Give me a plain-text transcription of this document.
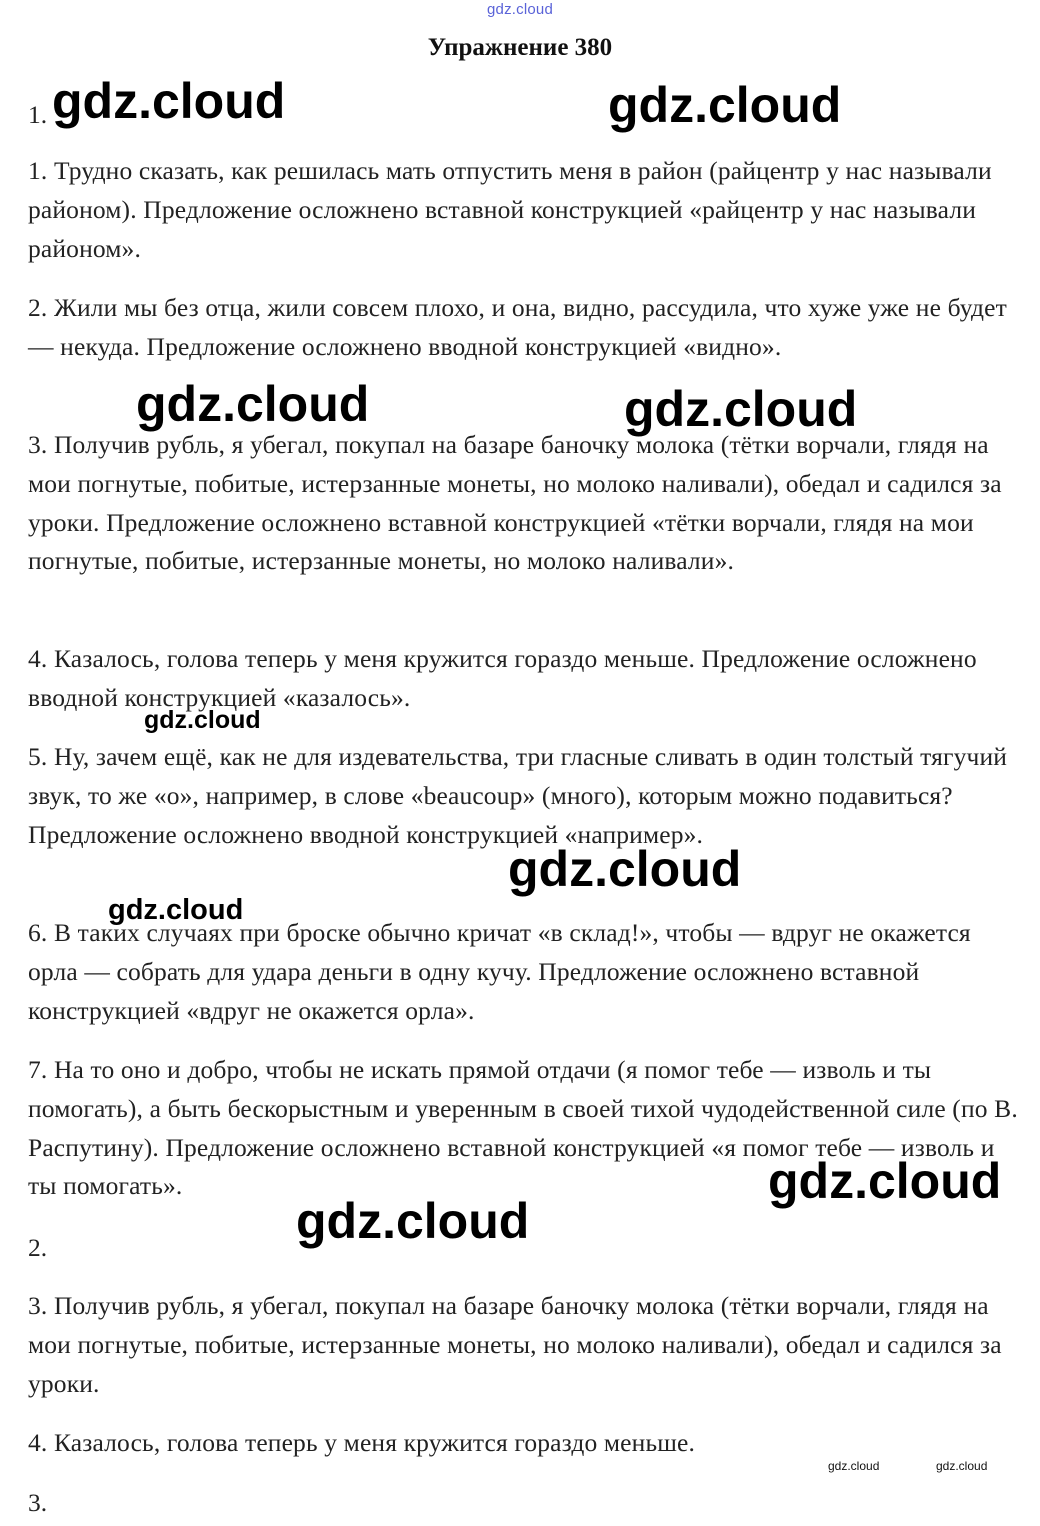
gdz.cloud
Упражнение 380
1.

1. Трудно сказать, как решилась мать отпустить меня в район (райцентр у нас называли районом). Предложение осложнено вставной конструкцией «райцентр у нас называли районом».

2. Жили мы без отца, жили совсем плохо, и она, видно, рассудила, что хуже уже не будет — некуда. Предложение осложнено вводной конструкцией «видно».

3. Получив рубль, я убегал, покупал на базаре баночку молока (тётки ворчали, глядя на мои погнутые, побитые, истерзанные монеты, но молоко наливали), обедал и садился за уроки. Предложение осложнено вставной конструкцией «тётки ворчали, глядя на мои погнутые, побитые, истерзанные монеты, но молоко наливали».

4. Казалось, голова теперь у меня кружится гораздо меньше. Предложение осложнено вводной конструкцией «казалось».

5. Ну, зачем ещё, как не для издевательства, три гласные сливать в один толстый тягучий звук, то же «о», например, в слове «beaucoup» (много), которым можно подавиться? Предложение осложнено вводной конструкцией «например».

6. В таких случаях при броске обычно кричат «в склад!», чтобы — вдруг не окажется орла — собрать для удара деньги в одну кучу. Предложение осложнено вставной конструкцией «вдруг не окажется орла».

7. На то оно и добро, чтобы не искать прямой отдачи (я помог тебе — изволь и ты помогать), а быть бескорыстным и уверенным в своей тихой чудодейственной силе (по В. Распутину). Предложение осложнено вставной конструкцией «я помог тебе — изволь и ты помогать».

2.

3. Получив рубль, я убегал, покупал на базаре баночку молока (тётки ворчали, глядя на мои погнутые, побитые, истерзанные монеты, но молоко наливали), обедал и садился за уроки.

4. Казалось, голова теперь у меня кружится гораздо меньше.

3.
gdz.cloud	gdz.cloud
gdz.cloud	gdz.cloud
gdz.cloud
gdz.cloud
gdz.cloud
gdz.cloud
gdz.cloud
gdz.cloud	gdz.cloud
